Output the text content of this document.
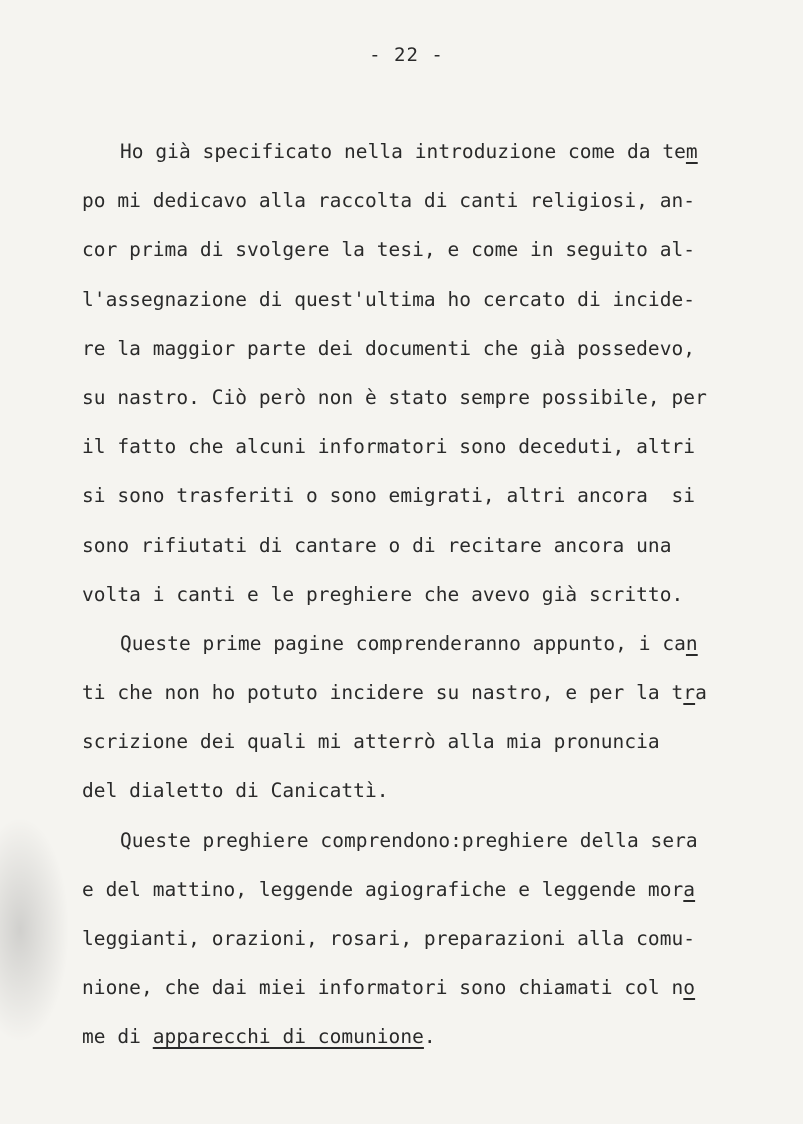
- 22 -
Ho già specificato nella introduzione come da tem
po mi dedicavo alla raccolta di canti religiosi, an-
cor prima di svolgere la tesi, e come in seguito al-
l'assegnazione di quest'ultima ho cercato di incide-
re la maggior parte dei documenti che già possedevo,
su nastro. Ciò però non è stato sempre possibile, per
il fatto che alcuni informatori sono deceduti, altri
si sono trasferiti o sono emigrati, altri ancora  si
sono rifiutati di cantare o di recitare ancora una
volta i canti e le preghiere che avevo già scritto.
Queste prime pagine comprenderanno appunto, i can
ti che non ho potuto incidere su nastro, e per la tra
scrizione dei quali mi atterrò alla mia pronuncia
del dialetto di Canicattì.
Queste preghiere comprendono:preghiere della sera
e del mattino, leggende agiografiche e leggende mora
leggianti, orazioni, rosari, preparazioni alla comu-
nione, che dai miei informatori sono chiamati col no
me di apparecchi di comunione.
